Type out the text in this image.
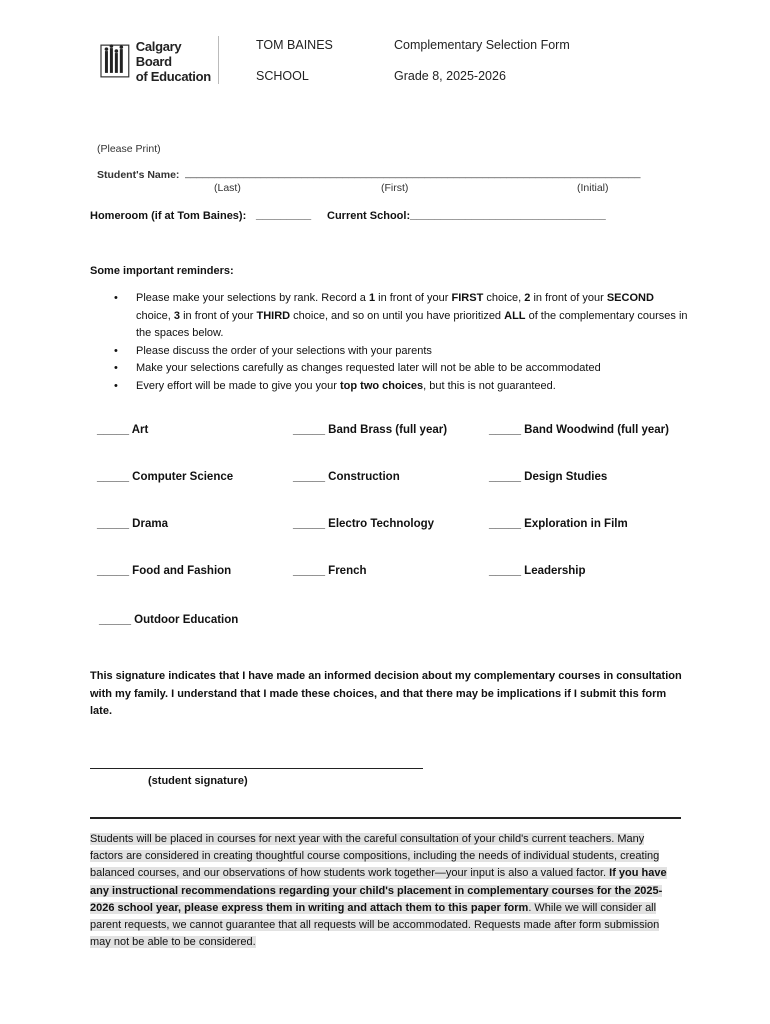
Calgary Board
of Education
TOM BAINES
SCHOOL
Complementary Selection Form
Grade 8, 2025-2026
(Please Print)
Student's Name: ______________________________________________________________________________
(Last)	(First)	(Initial)
Homeroom (if at Tom Baines): _________ Current School: ________________________________
Some important reminders:
• Please make your selections by rank. Record a 1 in front of your FIRST choice, 2 in front of your SECOND choice, 3 in front of your THIRD choice, and so on until you have prioritized ALL of the complementary courses in the spaces below.
• Please discuss the order of your selections with your parents
• Make your selections carefully as changes requested later will not be able to be accommodated
• Every effort will be made to give you your top two choices, but this is not guaranteed.
_____ Art	_____ Band Brass (full year)	_____ Band Woodwind (full year)
_____ Computer Science	_____ Construction	_____ Design Studies
_____ Drama	_____ Electro Technology	_____ Exploration in Film
_____ Food and Fashion	_____ French	_____ Leadership
_____ Outdoor Education
This signature indicates that I have made an informed decision about my complementary courses in consultation with my family. I understand that I made these choices, and that there may be implications if I submit this form late.
(student signature)
Students will be placed in courses for next year with the careful consultation of your child's current teachers. Many factors are considered in creating thoughtful course compositions, including the needs of individual students, creating balanced courses, and our observations of how students work together—your input is also a valued factor. If you have any instructional recommendations regarding your child's placement in complementary courses for the 2025-2026 school year, please express them in writing and attach them to this paper form. While we will consider all parent requests, we cannot guarantee that all requests will be accommodated. Requests made after form submission may not be able to be considered.
